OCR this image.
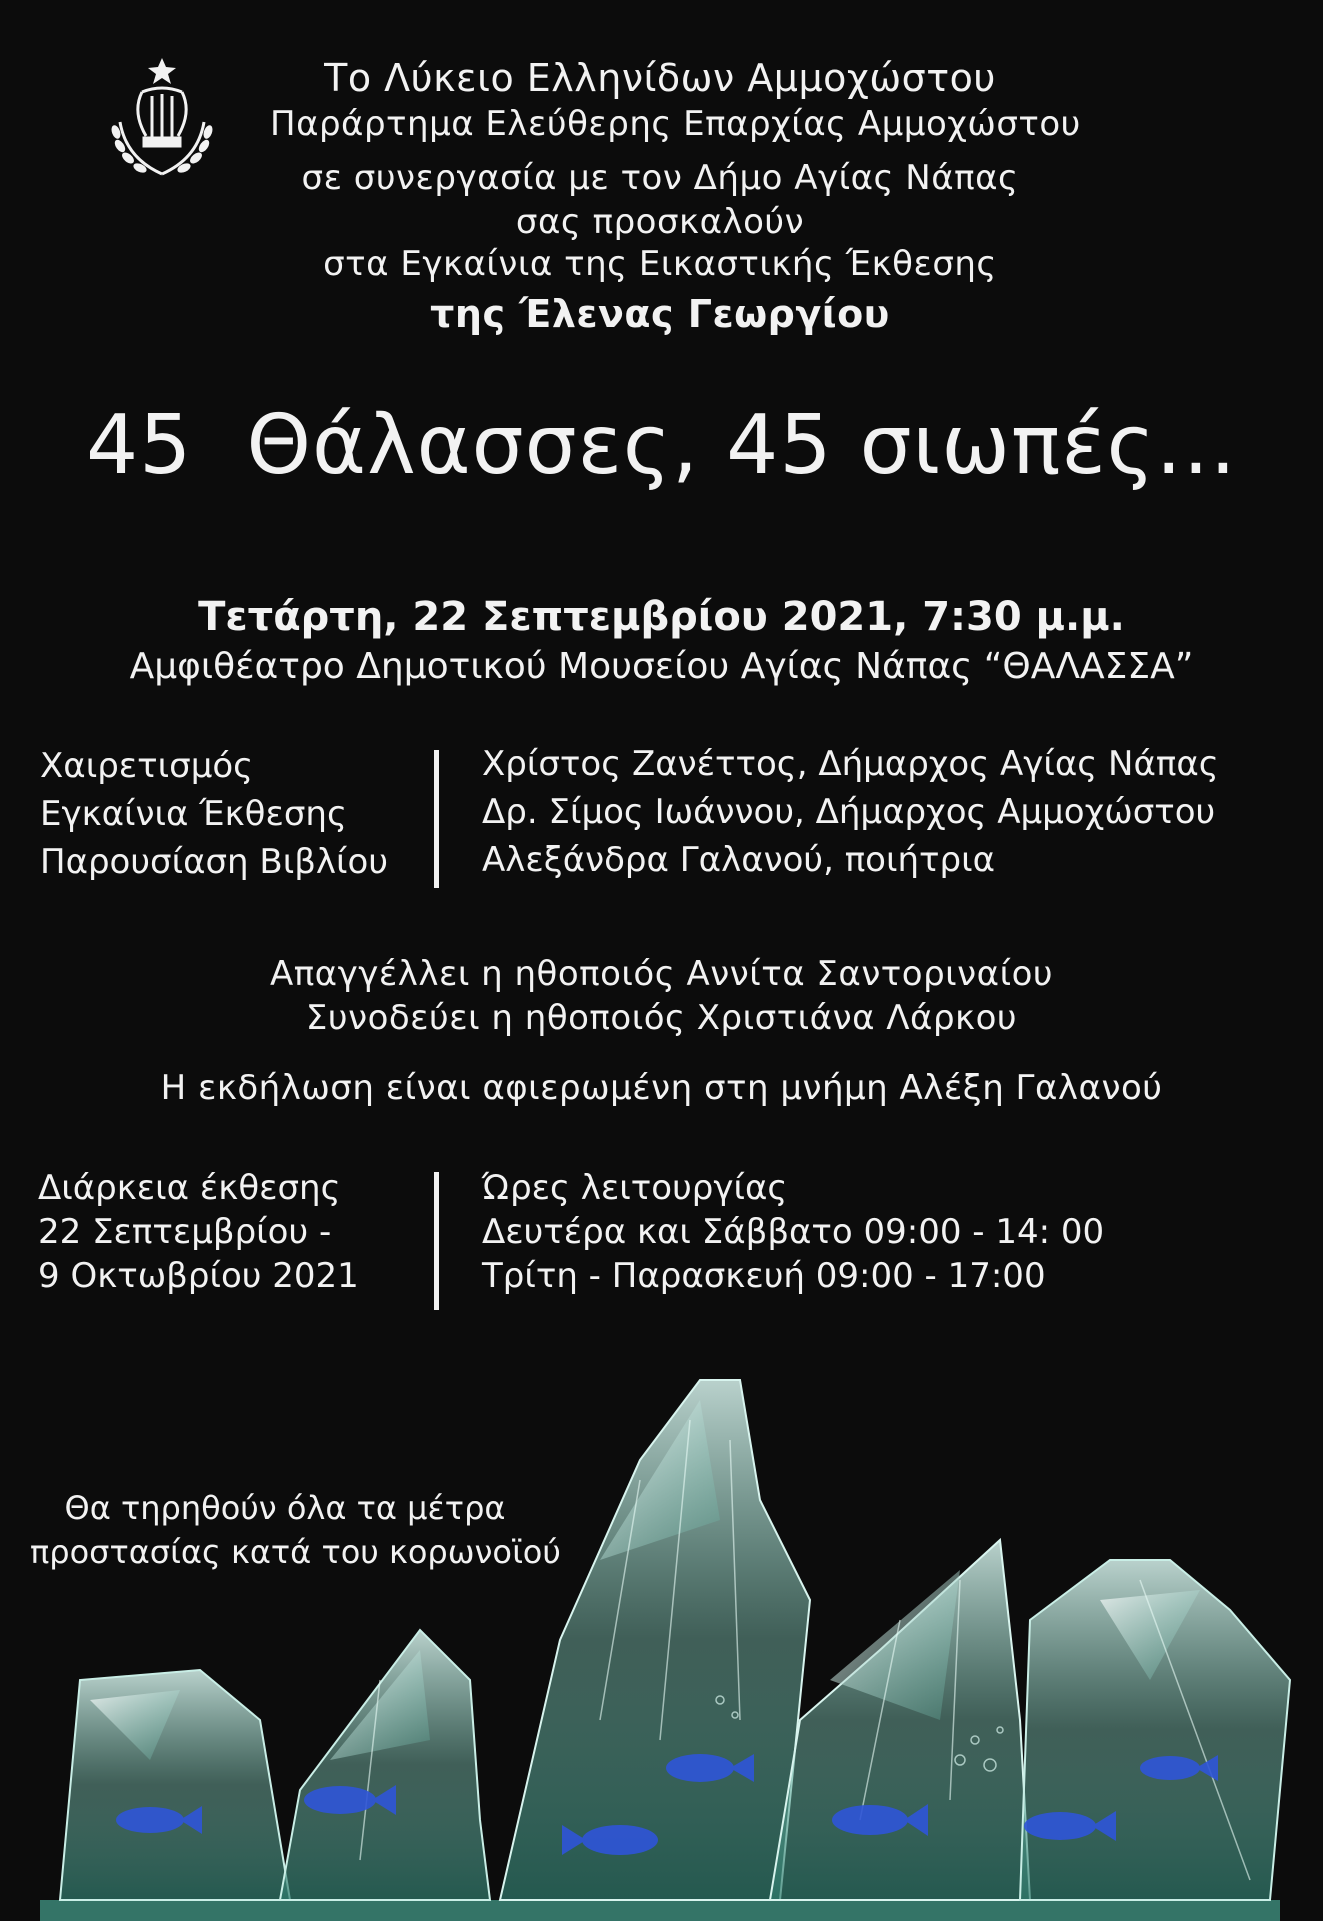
Το Λύκειο Ελληνίδων Αμμοχώστου
Παράρτημα Ελεύθερης Επαρχίας Αμμοχώστου
σε συνεργασία με τον Δήμο Αγίας Νάπας
σας προσκαλούν
στα Εγκαίνια της Εικαστικής Έκθεσης
της Έλενας Γεωργίου
45  Θάλασσες, 45 σιωπές...
Τετάρτη, 22 Σεπτεμβρίου 2021, 7:30 μ.μ.
Αμφιθέατρο Δημοτικού Μουσείου Αγίας Νάπας “ΘΑΛΑΣΣΑ”
Χαιρετισμός
Εγκαίνια Έκθεσης
Παρουσίαση Βιβλίου
Χρίστος Ζανέττος, Δήμαρχος Αγίας Νάπας
Δρ. Σίμος Ιωάννου, Δήμαρχος Αμμοχώστου
Αλεξάνδρα Γαλανού, ποιήτρια
Απαγγέλλει η ηθοποιός Αννίτα Σαντοριναίου
Συνοδεύει η ηθοποιός Χριστιάνα Λάρκου
Η εκδήλωση είναι αφιερωμένη στη μνήμη Αλέξη Γαλανού
Διάρκεια έκθεσης
22 Σεπτεμβρίου -
9 Οκτωβρίου 2021
Ώρες λειτουργίας
Δευτέρα και Σάββατο 09:00 - 14: 00
Τρίτη - Παρασκευή 09:00 - 17:00
Θα τηρηθούν όλα τα μέτρα
προστασίας κατά του κορωνοϊού
